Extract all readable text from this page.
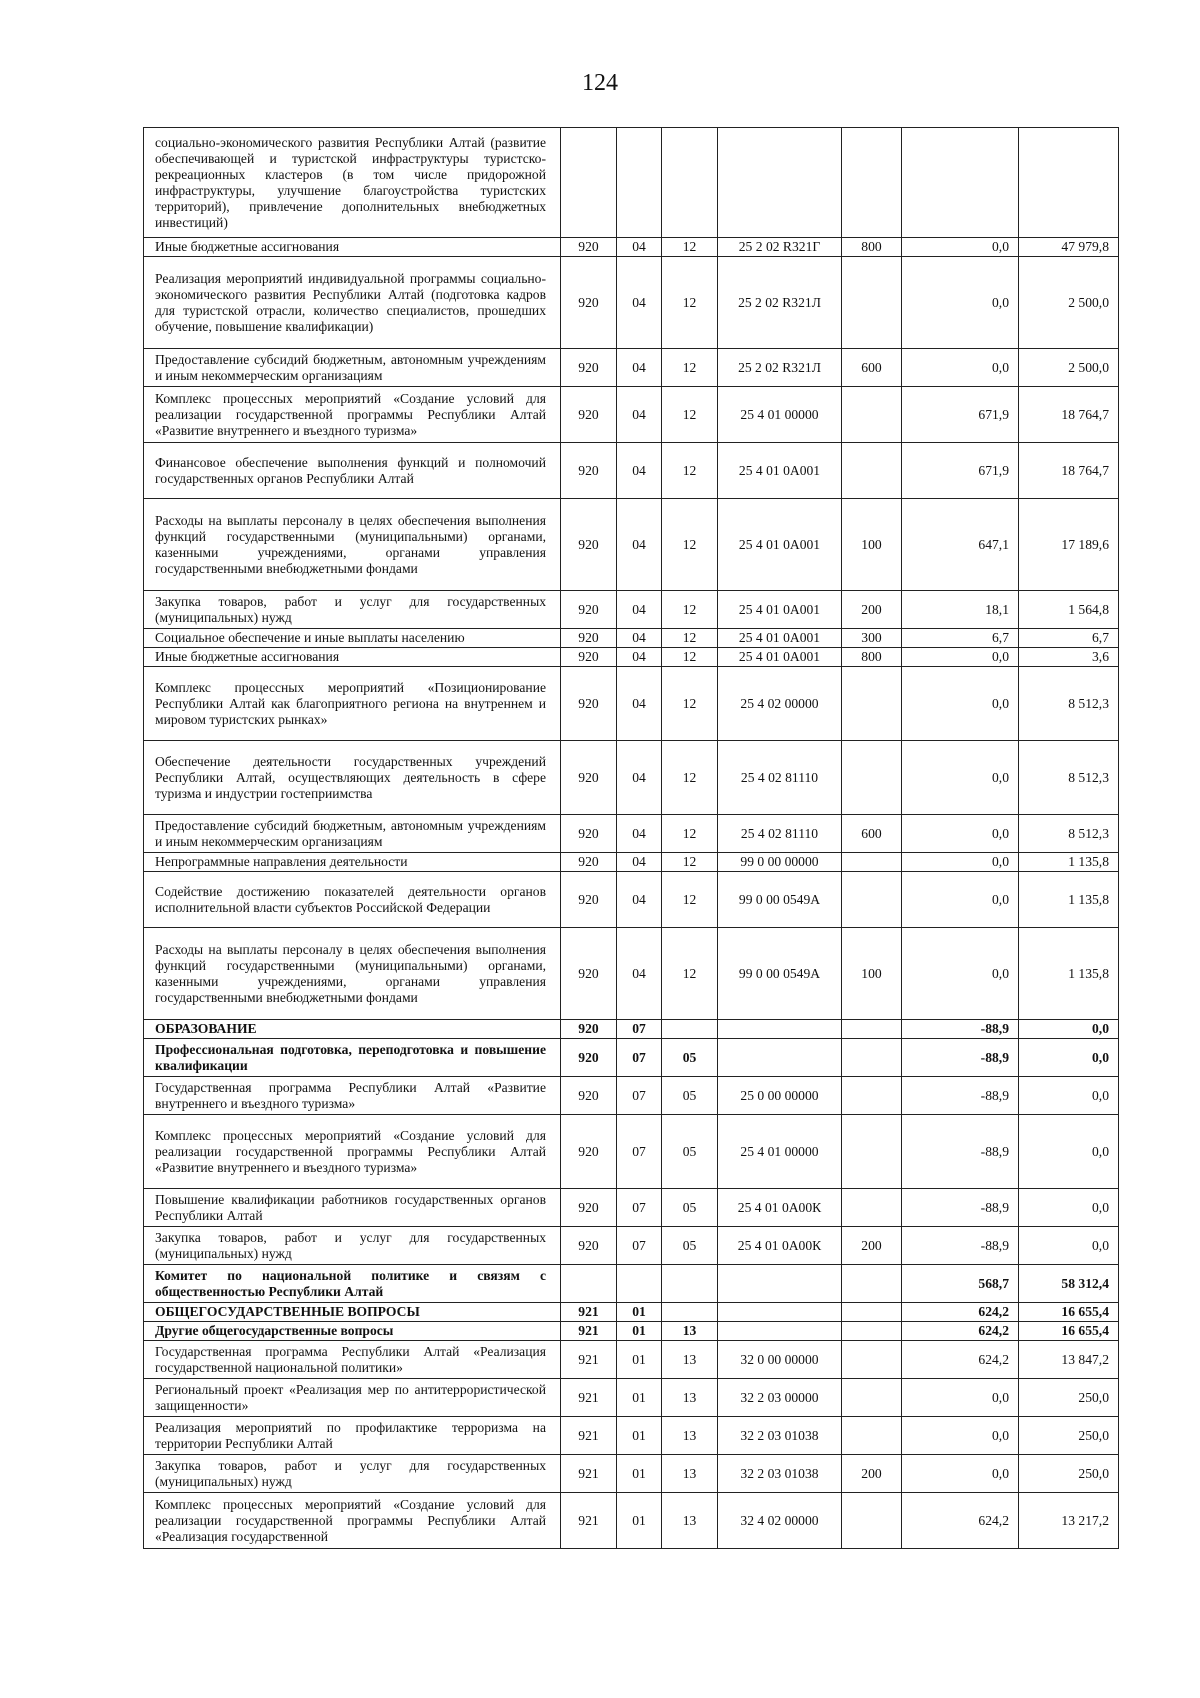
124
социально-экономического развития Республики Алтай (развитие обеспечивающей и туристской инфраструктуры туристско-рекреационных кластеров (в том числе придорожной инфраструктуры, улучшение благоустройства туристских территорий), привлечение дополнительных внебюджетных инвестиций)							
Иные бюджетные ассигнования	920	04	12	25 2 02 R321Г	800	0,0	47 979,8
Реализация мероприятий индивидуальной программы социально-экономического развития Республики Алтай (подготовка кадров для туристской отрасли, количество специалистов, прошедших обучение, повышение квалификации)	920	04	12	25 2 02 R321Л		0,0	2 500,0
Предоставление субсидий бюджетным, автономным учреждениям и иным некоммерческим организациям	920	04	12	25 2 02 R321Л	600	0,0	2 500,0
Комплекс процессных мероприятий «Создание условий для реализации государственной программы Республики Алтай «Развитие внутреннего и въездного туризма»	920	04	12	25 4 01 00000		671,9	18 764,7
Финансовое обеспечение выполнения функций и полномочий государственных органов Республики Алтай	920	04	12	25 4 01 0А001		671,9	18 764,7
Расходы на выплаты персоналу в целях обеспечения выполнения функций государственными (муниципальными) органами, казенными учреждениями, органами управления государственными внебюджетными фондами	920	04	12	25 4 01 0А001	100	647,1	17 189,6
Закупка товаров, работ и услуг для государственных (муниципальных) нужд	920	04	12	25 4 01 0А001	200	18,1	1 564,8
Социальное обеспечение и иные выплаты населению	920	04	12	25 4 01 0А001	300	6,7	6,7
Иные бюджетные ассигнования	920	04	12	25 4 01 0А001	800	0,0	3,6
Комплекс процессных мероприятий «Позиционирование Республики Алтай как благоприятного региона на внутреннем и мировом туристских рынках»	920	04	12	25 4 02 00000		0,0	8 512,3
Обеспечение деятельности государственных учреждений Республики Алтай, осуществляющих деятельность в сфере туризма и индустрии гостеприимства	920	04	12	25 4 02 81110		0,0	8 512,3
Предоставление субсидий бюджетным, автономным учреждениям и иным некоммерческим организациям	920	04	12	25 4 02 81110	600	0,0	8 512,3
Непрограммные направления деятельности	920	04	12	99 0 00 00000		0,0	1 135,8
Содействие достижению показателей деятельности органов исполнительной власти субъектов Российской Федерации	920	04	12	99 0 00 0549А		0,0	1 135,8
Расходы на выплаты персоналу в целях обеспечения выполнения функций государственными (муниципальными) органами, казенными учреждениями, органами управления государственными внебюджетными фондами	920	04	12	99 0 00 0549А	100	0,0	1 135,8
ОБРАЗОВАНИЕ	920	07				-88,9	0,0
Профессиональная подготовка, переподготовка и повышение квалификации	920	07	05			-88,9	0,0
Государственная программа Республики Алтай «Развитие внутреннего и въездного туризма»	920	07	05	25 0 00 00000		-88,9	0,0
Комплекс процессных мероприятий «Создание условий для реализации государственной программы Республики Алтай «Развитие внутреннего и въездного туризма»	920	07	05	25 4 01 00000		-88,9	0,0
Повышение квалификации работников государственных органов Республики Алтай	920	07	05	25 4 01 0А00К		-88,9	0,0
Закупка товаров, работ и услуг для государственных (муниципальных) нужд	920	07	05	25 4 01 0А00К	200	-88,9	0,0
Комитет по национальной политике и связям с общественностью Республики Алтай						568,7	58 312,4
ОБЩЕГОСУДАРСТВЕННЫЕ ВОПРОСЫ	921	01				624,2	16 655,4
Другие общегосударственные вопросы	921	01	13			624,2	16 655,4
Государственная программа Республики Алтай «Реализация государственной национальной политики»	921	01	13	32 0 00 00000		624,2	13 847,2
Региональный проект «Реализация мер по антитеррористической защищенности»	921	01	13	32 2 03 00000		0,0	250,0
Реализация мероприятий по профилактике терроризма на территории Республики Алтай	921	01	13	32 2 03 01038		0,0	250,0
Закупка товаров, работ и услуг для государственных (муниципальных) нужд	921	01	13	32 2 03 01038	200	0,0	250,0
Комплекс процессных мероприятий «Создание условий для реализации государственной программы Республики Алтай «Реализация государственной	921	01	13	32 4 02 00000		624,2	13 217,2
